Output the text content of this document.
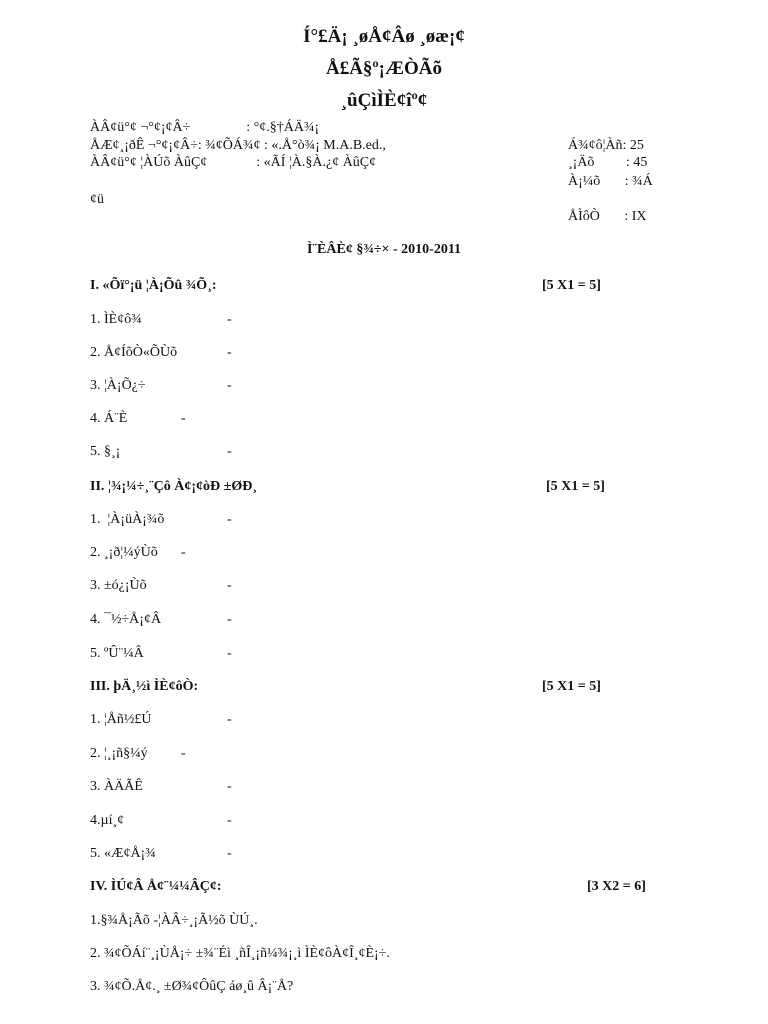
Í°£Ä¡ ¸øÅ¢Âø ¸øæ¡¢
Å£Ã§º¡ÆÒÃõ
¸ûÇìÌÈ¢îº¢
ÀÂ¢ü°¢ ¬°¢¡¢Â÷                : °¢.§†ÁÄ¾¡
ÅÆ¢¸¡ðÊ ¬°¢¡¢Â÷: ¾¢ÕÁ¾¢ : «.Å°ò¾¡ M.A.B.ed.,
ÀÂ¢ü°¢ ¦ÀÚõ ÀûÇ¢              : «ÃÍ ¦À.§À.¿¢ ÀûÇ¢
¢ü
Á¾¢ô¦Àñ: 25
¸¡Äõ         : 45
À¡¼õ       : ¾Á
ÅÌôÒ       : IX
Ì¨ÈÂÈ¢ §¾÷× - 2010-2011
I. «Õï°¡ü ¦À¡Õû ¾Õ¸:	[5 X1 = 5]
1. ÌÈ¢ô¾	-
2. Å¢ÍõÒ«ÕÙõ	-
3. ¦À¡Õ¿÷	-
4. Á¨È	-
5. §¸¡	-
II. ¦¾¡¼÷¸¨Çô À¢¡¢òÐ ±ØÐ¸	[5 X1 = 5]
1.  ¦À¡üÀ¡¾õ	-
2. ¸¡ð¦¼ýÙõ -
3. ±ó¿¡Ùõ	-
4. ¯½÷Å¡¢Â	-
5. ºÛ¨¼Â	-
III. þÄ¸½ì ÌÈ¢ôÒ:	[5 X1 = 5]
1. ¦Åñ½£Ú	-
2. ¦¸¡ñ§¼ý -
3. ÀÄÃÊ	-
4.µí¸¢	-
5. «Æ¢Å¡¾	-
IV. ÌÚ¢Â Å¢¨¼¼ÂÇ¢:	[3 X2 = 6]
1.§¾Å¡Ãõ -¦ÀÂ÷¸¡Ã½õ ÙÚ¸.
2. ¾¢ÕÁí¨¸¡ÙÅ¡÷ ±¾¨Éì ¸ñÎ¸¡ñ¼¾¡¸ì ÌÈ¢ôÀ¢Î¸¢È¡÷.
3. ¾¢Õ.Å¢.¸ ±Ø¾¢ÔûÇ áø¸û Â¡¨Å?
